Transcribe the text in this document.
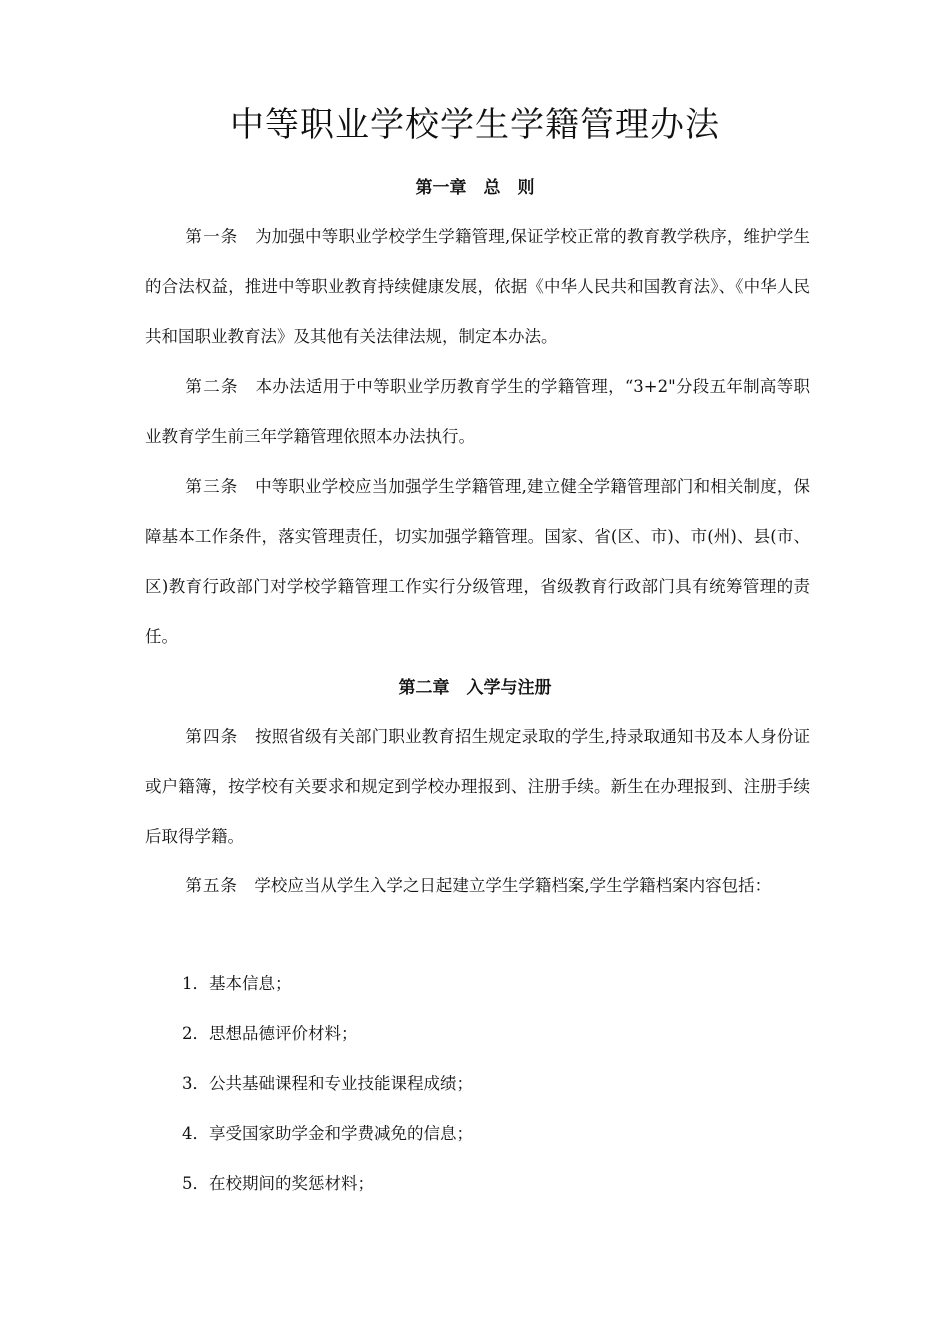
中等职业学校学生学籍管理办法
第一章　总　则

第一条　 为加强中等职业学校学生学籍管理,保证学校正常的教育教学秩序，维护学生的合法权益，推进中等职业教育持续健康发展，依据《中华人民共和国教育法》、《中华人民共和国职业教育法》及其他有关法律法规，制定本办法。

第二条　 本办法适用于中等职业学历教育学生的学籍管理，“3+2"分段五年制高等职业教育学生前三年学籍管理依照本办法执行。

第三条　 中等职业学校应当加强学生学籍管理,建立健全学籍管理部门和相关制度，保障基本工作条件，落实管理责任，切实加强学籍管理。国家、省(区、市)、市(州)、县(市、区)教育行政部门对学校学籍管理工作实行分级管理，省级教育行政部门具有统筹管理的责任。

第二章　入学与注册

第四条　 按照省级有关部门职业教育招生规定录取的学生,持录取通知书及本人身份证或户籍簿，按学校有关要求和规定到学校办理报到、注册手续。新生在办理报到、注册手续后取得学籍。

第五条　 学校应当从学生入学之日起建立学生学籍档案,学生学籍档案内容包括：

1．基本信息；
2．思想品德评价材料；
3．公共基础课程和专业技能课程成绩；
4．享受国家助学金和学费减免的信息；
5．在校期间的奖惩材料；
